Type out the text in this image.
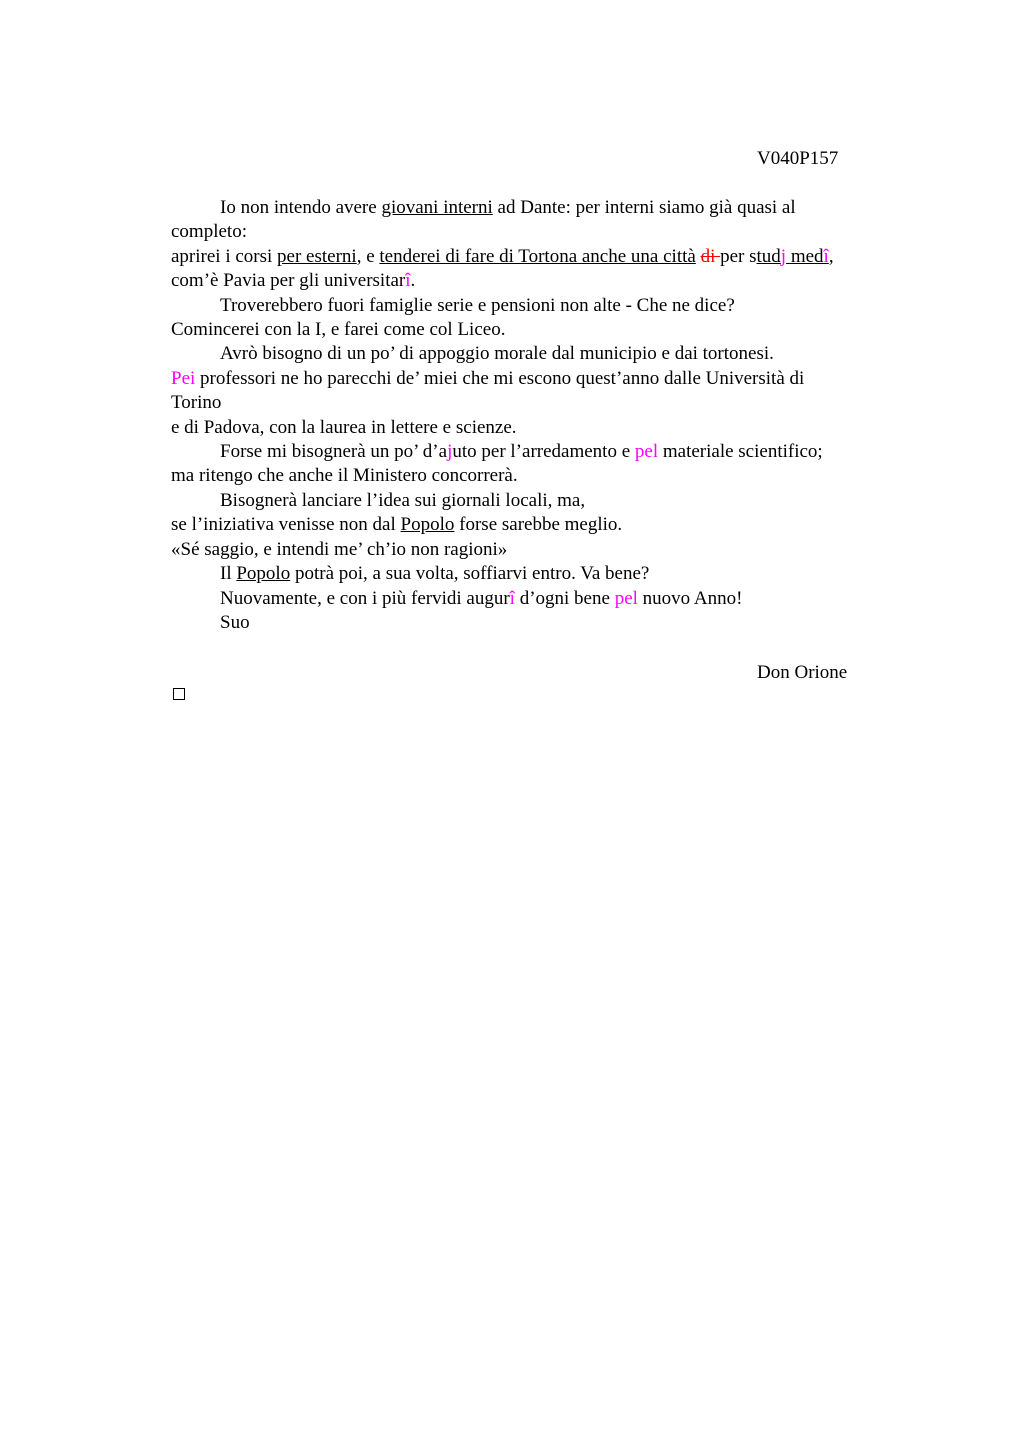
V040P157
Io non intendo avere giovani interni ad Dante: per interni siamo già quasi al
completo:
aprirei i corsi per esterni, e tenderei di fare di Tortona anche una città di per studj medî,
com’è Pavia per gli universitarî.
Troverebbero fuori famiglie serie e pensioni non alte - Che ne dice?
Comincerei con la I, e farei come col Liceo.
Avrò bisogno di un po’ di appoggio morale dal municipio e dai tortonesi.
Pei professori ne ho parecchi de’ miei che mi escono quest’anno dalle Università di
Torino
e di Padova, con la laurea in lettere e scienze.
Forse mi bisognerà un po’ d’ajuto per l’arredamento e pel materiale scientifico;
ma ritengo che anche il Ministero concorrerà.
Bisognerà lanciare l’idea sui giornali locali, ma,
se l’iniziativa venisse non dal Popolo forse sarebbe meglio.
«Sé saggio, e intendi me’ ch’io non ragioni»
Il Popolo potrà poi, a sua volta, soffiarvi entro. Va bene?
Nuovamente, e con i più fervidi augurî d’ogni bene pel nuovo Anno!
Suo
Don Orione
